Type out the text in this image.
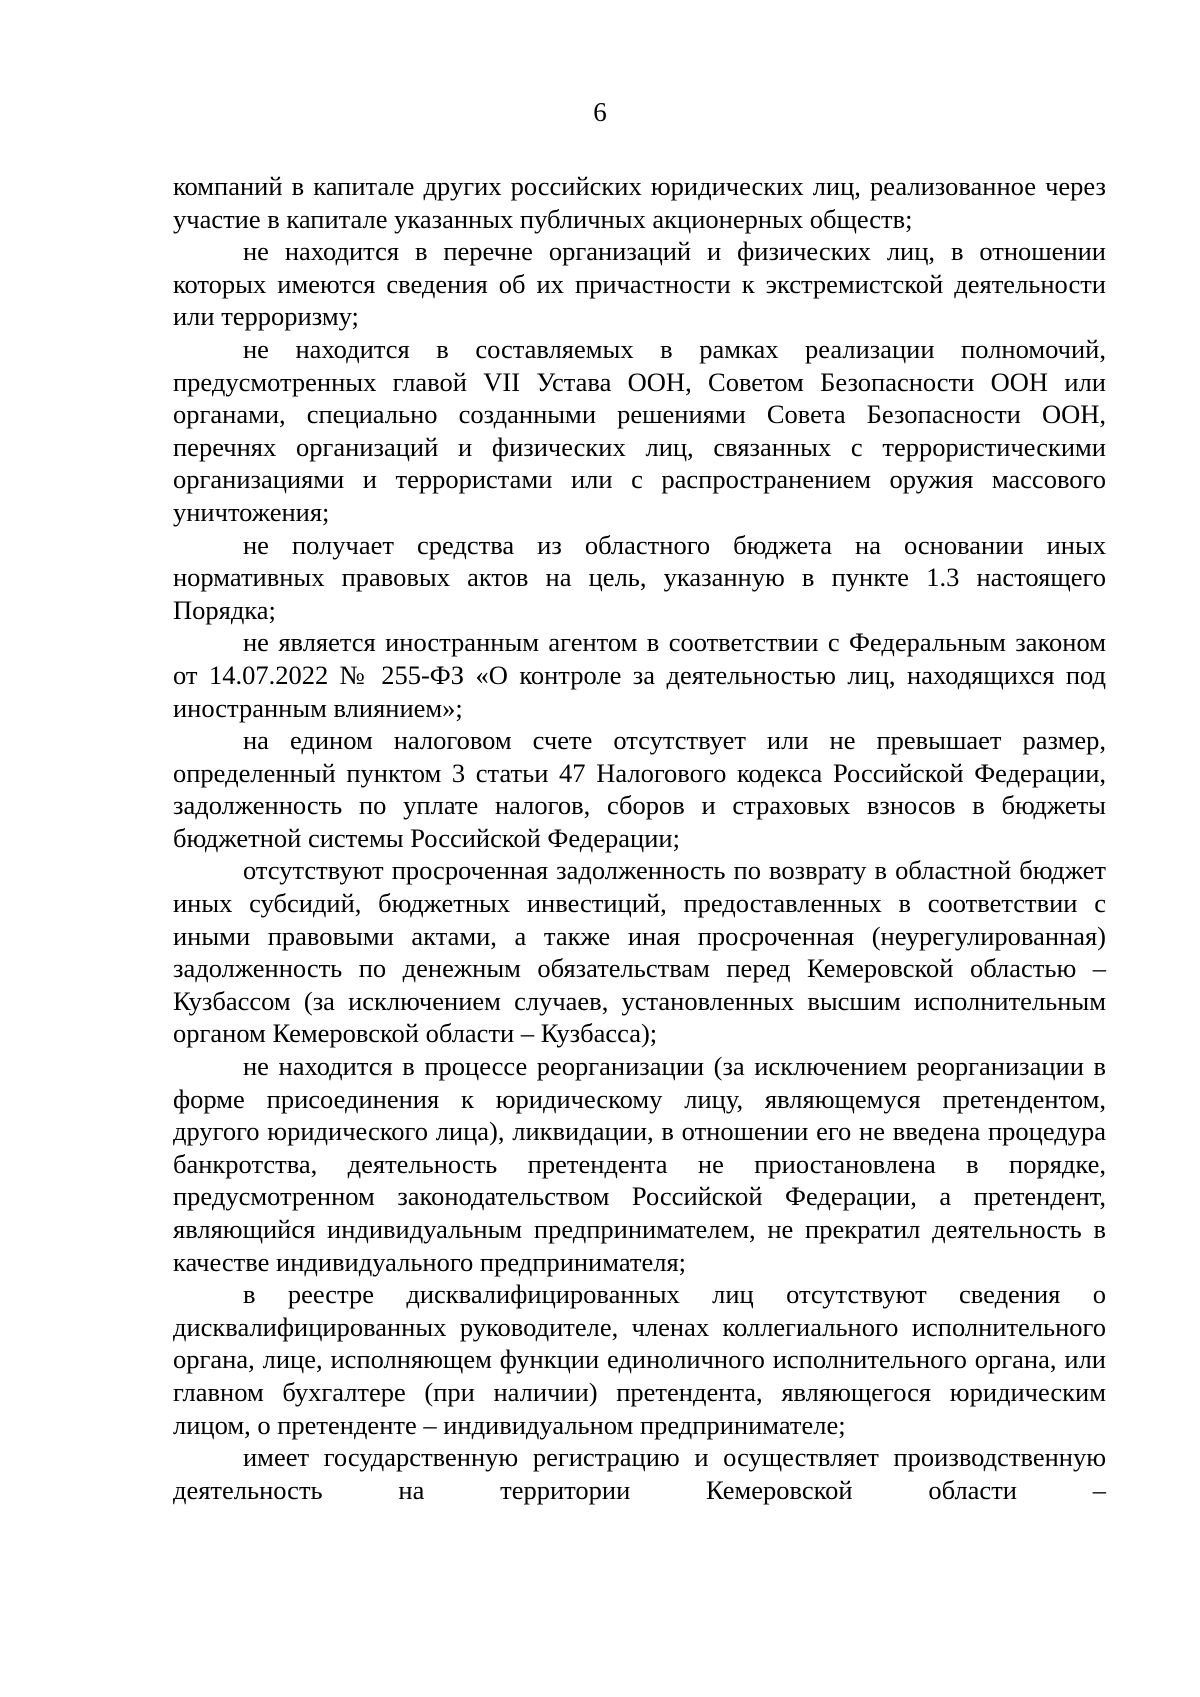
6

компаний в капитале других российских юридических лиц, реализованное через участие в капитале указанных публичных акционерных обществ;

не находится в перечне организаций и физических лиц, в отношении которых имеются сведения об их причастности к экстремистской деятельности или терроризму;

не находится в составляемых в рамках реализации полномочий, предусмотренных главой VII Устава ООН, Советом Безопасности ООН или органами, специально созданными решениями Совета Безопасности ООН, перечнях организаций и физических лиц, связанных с террористическими организациями и террористами или с распространением оружия массового уничтожения;

не получает средства из областного бюджета на основании иных нормативных правовых актов на цель, указанную в пункте 1.3 настоящего Порядка;

не является иностранным агентом в соответствии с Федеральным законом от 14.07.2022 № 255-ФЗ «О контроле за деятельностью лиц, находящихся под иностранным влиянием»;

на едином налоговом счете отсутствует или не превышает размер, определенный пунктом 3 статьи 47 Налогового кодекса Российской Федерации, задолженность по уплате налогов, сборов и страховых взносов в бюджеты бюджетной системы Российской Федерации;

отсутствуют просроченная задолженность по возврату в областной бюджет иных субсидий, бюджетных инвестиций, предоставленных в соответствии с иными правовыми актами, а также иная просроченная (неурегулированная) задолженность по денежным обязательствам перед Кемеровской областью – Кузбассом (за исключением случаев, установленных высшим исполнительным органом Кемеровской области – Кузбасса);

не находится в процессе реорганизации (за исключением реорганизации в форме присоединения к юридическому лицу, являющемуся претендентом, другого юридического лица), ликвидации, в отношении его не введена процедура банкротства, деятельность претендента не приостановлена в порядке, предусмотренном законодательством Российской Федерации, а претендент, являющийся индивидуальным предпринимателем, не прекратил деятельность в качестве индивидуального предпринимателя;

в реестре дисквалифицированных лиц отсутствуют сведения о дисквалифицированных руководителе, членах коллегиального исполнительного органа, лице, исполняющем функции единоличного исполнительного органа, или главном бухгалтере (при наличии) претендента, являющегося юридическим лицом, о претенденте – индивидуальном предпринимателе;

имеет государственную регистрацию и осуществляет производственную деятельность на территории Кемеровской области –
